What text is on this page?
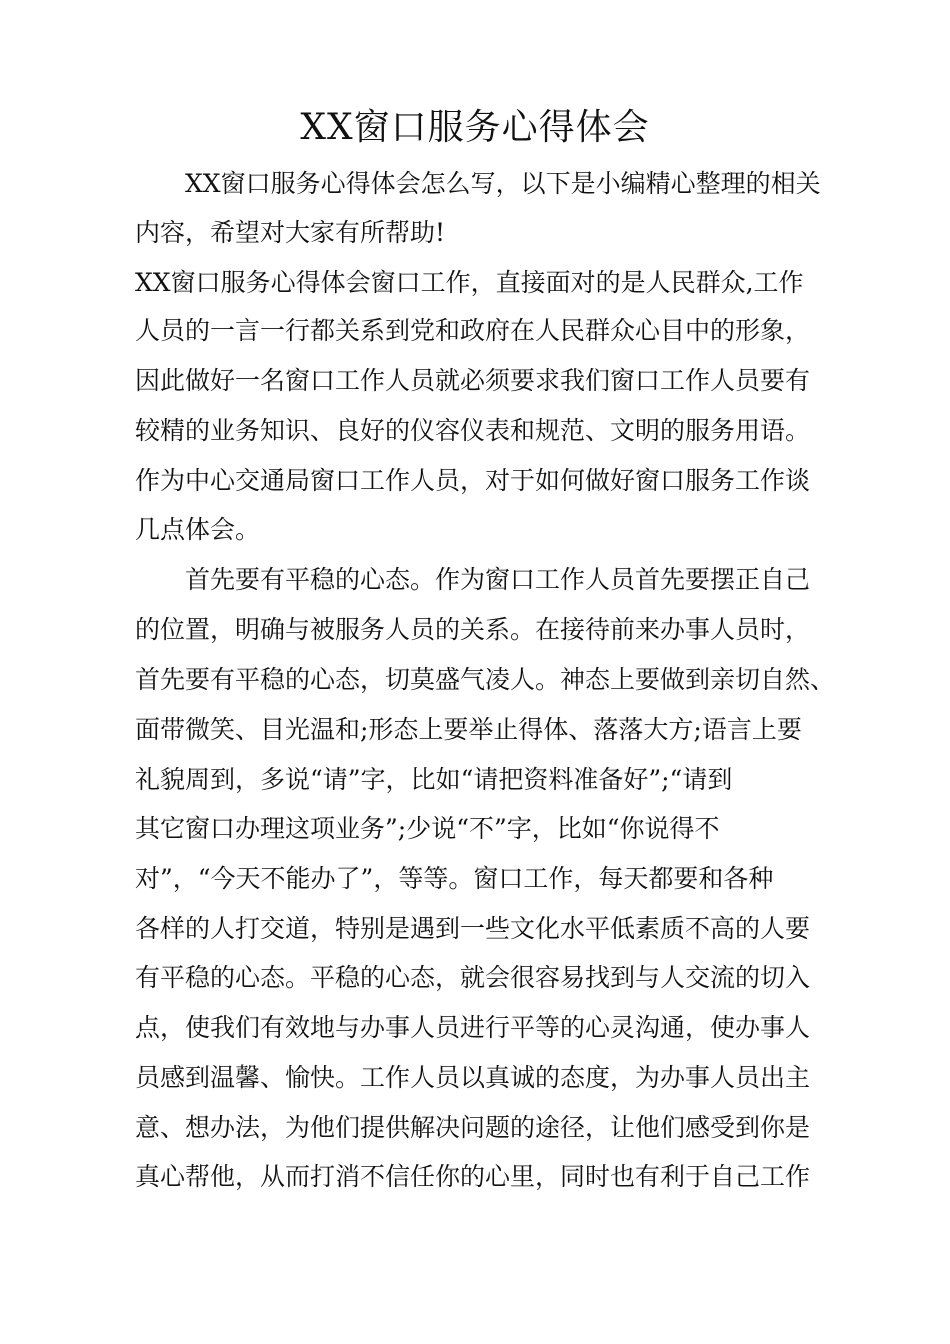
XX窗口服务心得体会

XX窗口服务心得体会怎么写，以下是小编精心整理的相关

内容，希望对大家有所帮助!

XX窗口服务心得体会窗口工作，直接面对的是人民群众,工作

人员的一言一行都关系到党和政府在人民群众心目中的形象，

因此做好一名窗口工作人员就必须要求我们窗口工作人员要有

较精的业务知识、良好的仪容仪表和规范、文明的服务用语。

作为中心交通局窗口工作人员，对于如何做好窗口服务工作谈

几点体会。

首先要有平稳的心态。作为窗口工作人员首先要摆正自己

的位置，明确与被服务人员的关系。在接待前来办事人员时，

首先要有平稳的心态，切莫盛气凌人。神态上要做到亲切自然、

面带微笑、目光温和;形态上要举止得体、落落大方;语言上要

礼貌周到，多说“请”字，比如“请把资料准备好”;“请到

其它窗口办理这项业务”;少说“不”字，比如“你说得不

对”，“今天不能办了”，等等。窗口工作，每天都要和各种

各样的人打交道，特别是遇到一些文化水平低素质不高的人要

有平稳的心态。平稳的心态，就会很容易找到与人交流的切入

点，使我们有效地与办事人员进行平等的心灵沟通，使办事人

员感到温馨、愉快。工作人员以真诚的态度，为办事人员出主

意、想办法，为他们提供解决问题的途径，让他们感受到你是

真心帮他，从而打消不信任你的心里，同时也有利于自己工作
